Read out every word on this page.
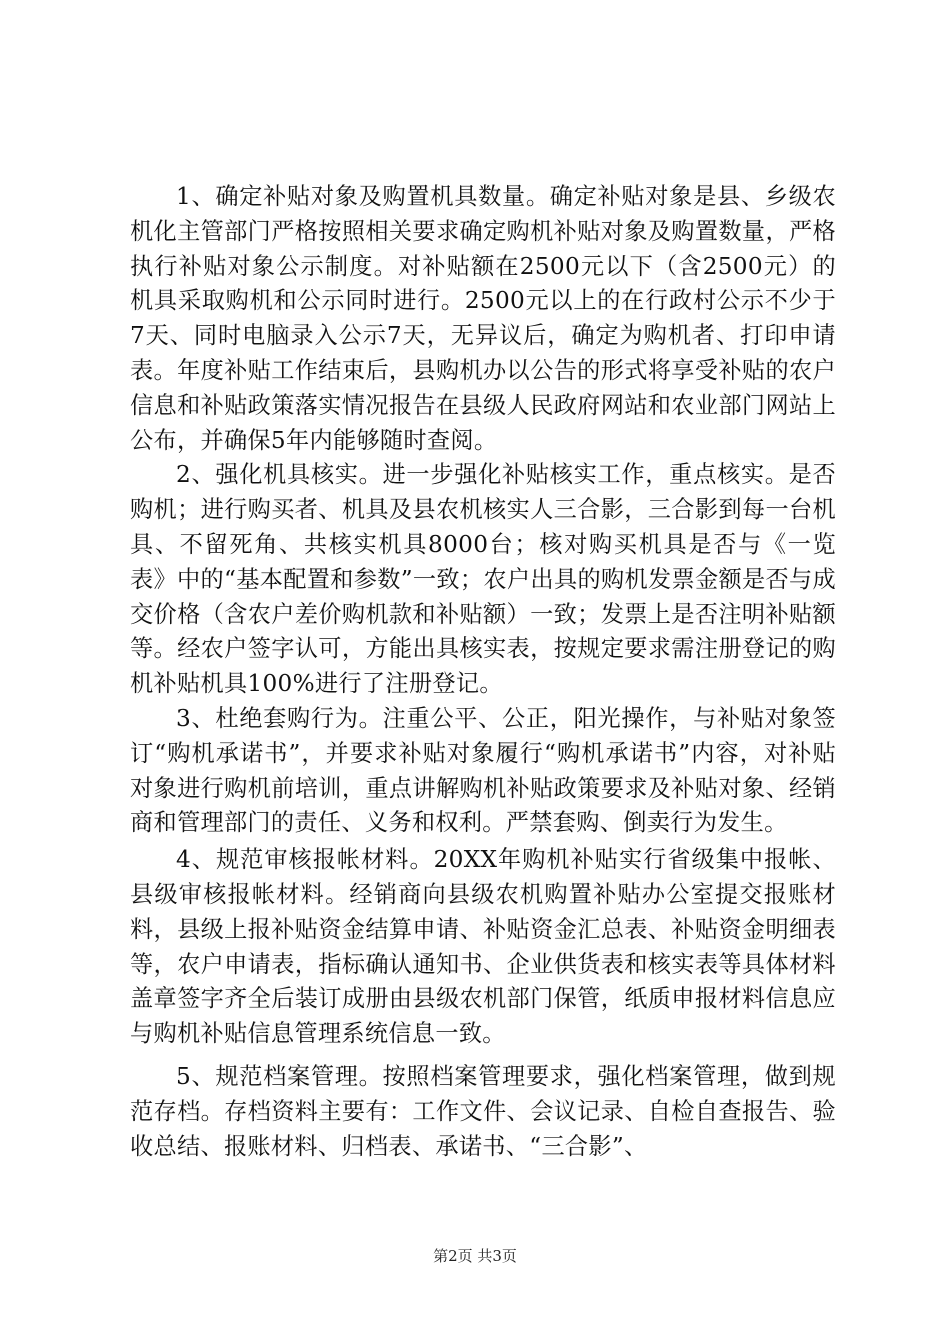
1、确定补贴对象及购置机具数量。确定补贴对象是县、乡级农机化主管部门严格按照相关要求确定购机补贴对象及购置数量，严格执行补贴对象公示制度。对补贴额在2500元以下（含2500元）的机具采取购机和公示同时进行。2500元以上的在行政村公示不少于7天、同时电脑录入公示7天，无异议后，确定为购机者、打印申请表。年度补贴工作结束后，县购机办以公告的形式将享受补贴的农户信息和补贴政策落实情况报告在县级人民政府网站和农业部门网站上公布，并确保5年内能够随时查阅。

2、强化机具核实。进一步强化补贴核实工作，重点核实。是否购机；进行购买者、机具及县农机核实人三合影，三合影到每一台机具、不留死角、共核实机具8000台；核对购买机具是否与《一览表》中的“基本配置和参数”一致；农户出具的购机发票金额是否与成交价格（含农户差价购机款和补贴额）一致；发票上是否注明补贴额等。经农户签字认可，方能出具核实表，按规定要求需注册登记的购机补贴机具100%进行了注册登记。

3、杜绝套购行为。注重公平、公正，阳光操作，与补贴对象签订“购机承诺书”，并要求补贴对象履行“购机承诺书”内容，对补贴对象进行购机前培训，重点讲解购机补贴政策要求及补贴对象、经销商和管理部门的责任、义务和权利。严禁套购、倒卖行为发生。

4、规范审核报帐材料。20XX年购机补贴实行省级集中报帐、县级审核报帐材料。经销商向县级农机购置补贴办公室提交报账材料，县级上报补贴资金结算申请、补贴资金汇总表、补贴资金明细表等，农户申请表，指标确认通知书、企业供货表和核实表等具体材料盖章签字齐全后装订成册由县级农机部门保管，纸质申报材料信息应与购机补贴信息管理系统信息一致。

5、规范档案管理。按照档案管理要求，强化档案管理，做到规范存档。存档资料主要有：工作文件、会议记录、自检自查报告、验收总结、报账材料、归档表、承诺书、“三合影”、

第2页 共3页
